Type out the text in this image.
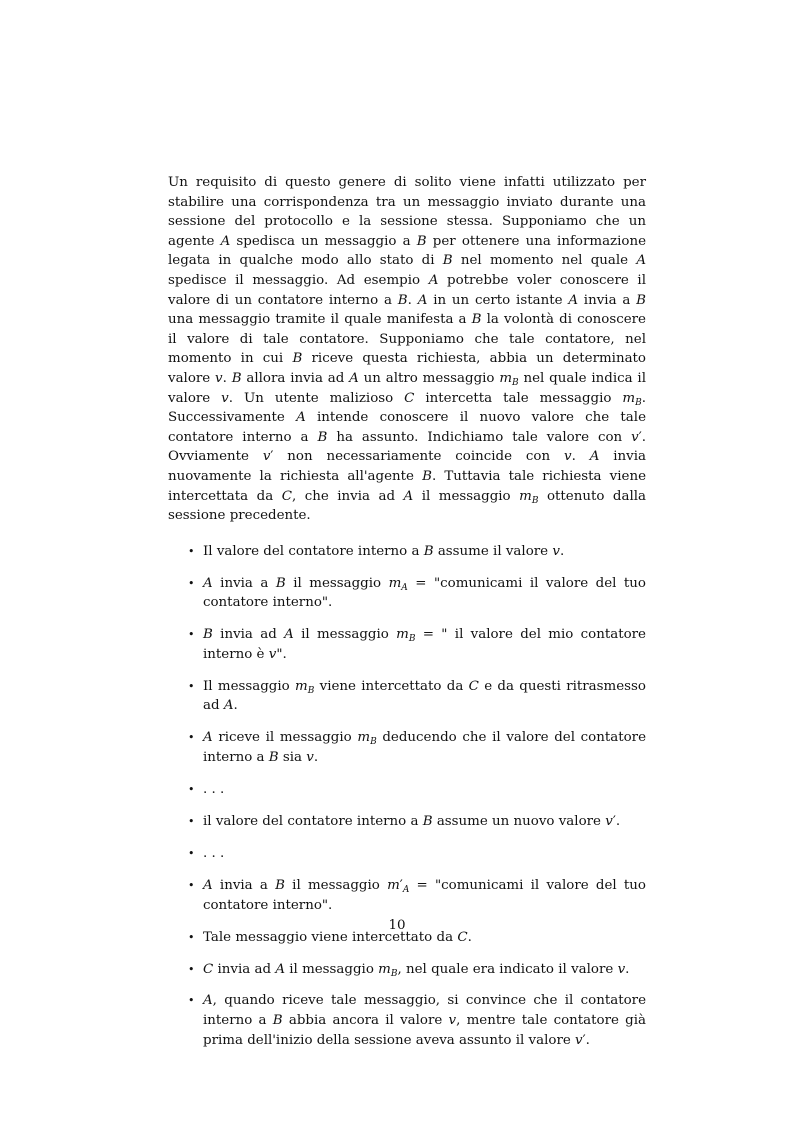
Un requisito di questo genere di solito viene infatti utilizzato per stabilire una corrispondenza tra un messaggio inviato durante una sessione del protocollo e la sessione stessa. Supponiamo che un agente A spedisca un messaggio a B per ottenere una informazione legata in qualche modo allo stato di B nel momento nel quale A spedisce il messaggio. Ad esempio A potrebbe voler conoscere il valore di un contatore interno a B. A in un certo istante A invia a B una messaggio tramite il quale manifesta a B la volontà di conoscere il valore di tale contatore. Supponiamo che tale contatore, nel momento in cui B riceve questa richiesta, abbia un determinato valore v. B allora invia ad A un altro messaggio $m_B$ nel quale indica il valore v. Un utente malizioso C intercetta tale messaggio $m_B$. Successivamente A intende conoscere il nuovo valore che tale contatore interno a B ha assunto. Indichiamo tale valore con v′. Ovviamente v′ non necessariamente coincide con v. A invia nuovamente la richiesta all'agente B. Tuttavia tale richiesta viene intercettata da C, che invia ad A il messaggio $m_B$ ottenuto dalla sessione precedente.

• Il valore del contatore interno a B assume il valore v.
• A invia a B il messaggio $m_A$ = "comunicami il valore del tuo contatore interno".
• B invia ad A il messaggio $m_B$ = " il valore del mio contatore interno è v".
• Il messaggio $m_B$ viene intercettato da C e da questi ritrasmesso ad A.
• A riceve il messaggio $m_B$ deducendo che il valore del contatore interno a B sia v.
• . . .
• il valore del contatore interno a B assume un nuovo valore v′.
• . . .
• A invia a B il messaggio $m'_A$ = "comunicami il valore del tuo contatore interno".
• Tale messaggio viene intercettato da C.
• C invia ad A il messaggio $m_B$, nel quale era indicato il valore v.
• A, quando riceve tale messaggio, si convince che il contatore interno a B abbia ancora il valore v, mentre tale contatore già prima dell'inizio della sessione aveva assunto il valore v′.
10
